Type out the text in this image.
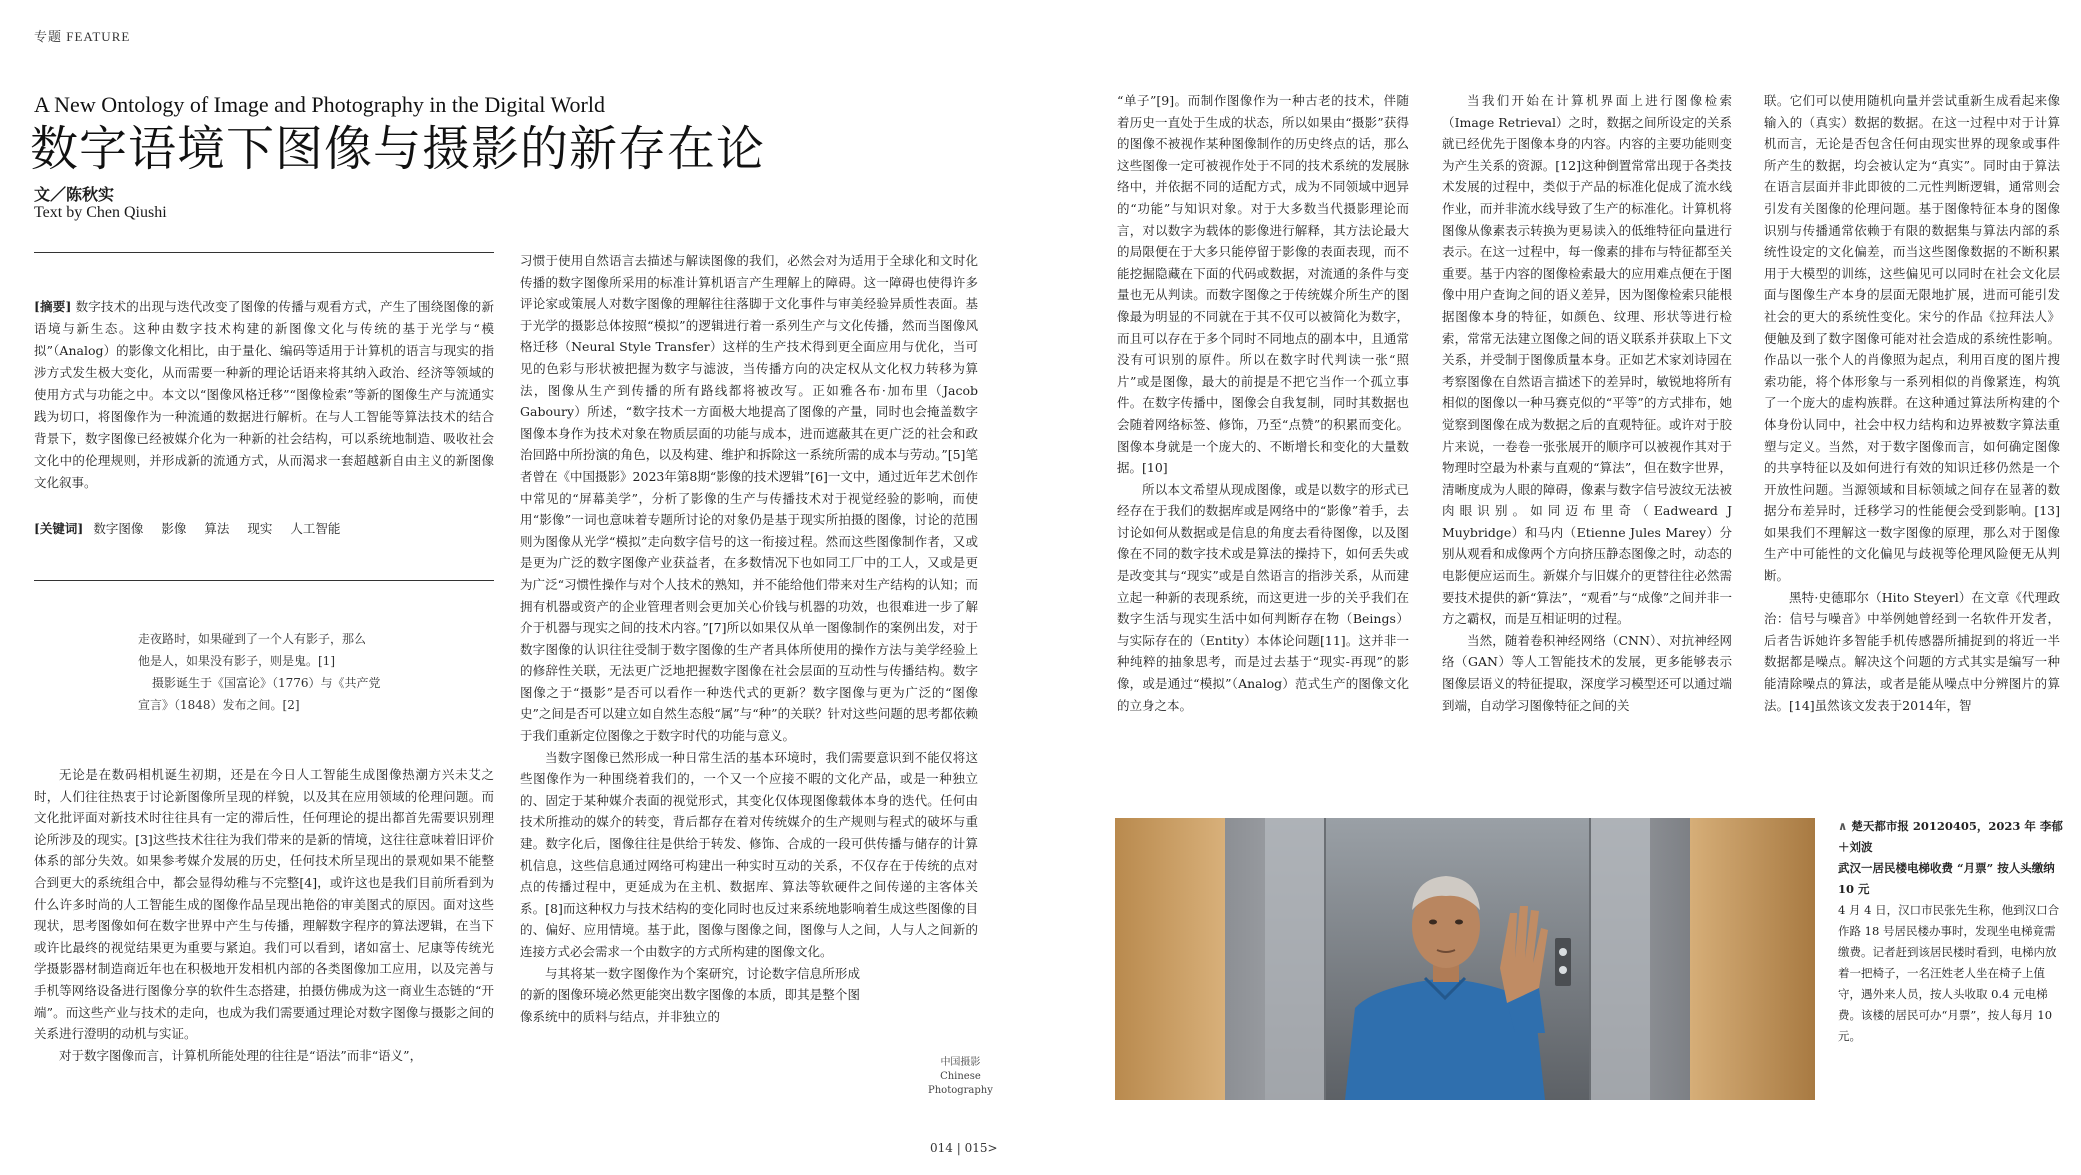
专题 FEATURE
A New Ontology of Image and Photography in the Digital World
数字语境下图像与摄影的新存在论
文／陈秋实
Text by Chen Qiushi
[摘要] 数字技术的出现与迭代改变了图像的传播与观看方式，产生了围绕图像的新语境与新生态。这种由数字技术构建的新图像文化与传统的基于光学与“模拟”（Analog）的影像文化相比，由于量化、编码等适用于计算机的语言与现实的指涉方式发生极大变化，从而需要一种新的理论话语来将其纳入政治、经济等领域的使用方式与功能之中。本文以“图像风格迁移”“图像检索”等新的图像生产与流通实践为切口，将图像作为一种流通的数据进行解析。在与人工智能等算法技术的结合背景下，数字图像已经被媒介化为一种新的社会结构，可以系统地制造、吸收社会文化中的伦理规则，并形成新的流通方式，从而渴求一套超越新自由主义的新图像文化叙事。
[关键词] 数字图像 影像 算法 现实 人工智能
走夜路时，如果碰到了一个人有影子，那么
他是人，如果没有影子，则是鬼。[1]
摄影诞生于《国富论》（1776）与《共产党
宣言》（1848）发布之间。[2]

无论是在数码相机诞生初期，还是在今日人工智能生成图像热潮方兴未艾之时，人们往往热衷于讨论新图像所呈现的样貌，以及其在应用领域的伦理问题。而文化批评面对新技术时往往具有一定的滞后性，任何理论的提出都首先需要识别理论所涉及的现实。[3]这些技术往往为我们带来的是新的情境，这往往意味着旧评价体系的部分失效。如果参考媒介发展的历史，任何技术所呈现出的景观如果不能整合到更大的系统组合中，都会显得幼稚与不完整[4]，或许这也是我们目前所看到为什么许多时尚的人工智能生成的图像作品呈现出艳俗的审美图式的原因。面对这些现状，思考图像如何在数字世界中产生与传播，理解数字程序的算法逻辑，在当下或许比最终的视觉结果更为重要与紧迫。我们可以看到，诸如富士、尼康等传统光学摄影器材制造商近年也在积极地开发相机内部的各类图像加工应用，以及完善与手机等网络设备进行图像分享的软件生态搭建，拍摄仿佛成为这一商业生态链的“开端”。而这些产业与技术的走向，也成为我们需要通过理论对数字图像与摄影之间的关系进行澄明的动机与实证。

对于数字图像而言，计算机所能处理的往往是“语法”而非“语义”，

习惯于使用自然语言去描述与解读图像的我们，必然会对为适用于全球化和文时化传播的数字图像所采用的标准计算机语言产生理解上的障碍。这一障碍也使得许多评论家或策展人对数字图像的理解往往落脚于文化事件与审美经验异质性表面。基于光学的摄影总体按照“模拟”的逻辑进行着一系列生产与文化传播，然而当图像风格迁移（Neural Style Transfer）这样的生产技术得到更全面应用与优化，当可见的色彩与形状被把握为数字与滤波，当传播方向的决定权从文化权力转移为算法，图像从生产到传播的所有路线都将被改写。正如雅各布·加布里（Jacob Gaboury）所述，“数字技术一方面极大地提高了图像的产量，同时也会掩盖数字图像本身作为技术对象在物质层面的功能与成本，进而遮蔽其在更广泛的社会和政治回路中所扮演的角色，以及构建、维护和拆除这一系统所需的成本与劳动。”[5]笔者曾在《中国摄影》2023年第8期“影像的技术逻辑”[6]一文中，通过近年艺术创作中常见的“屏幕美学”，分析了影像的生产与传播技术对于视觉经验的影响，而使用“影像”一词也意味着专题所讨论的对象仍是基于现实所拍摄的图像，讨论的范围则为图像从光学“模拟”走向数字信号的这一衔接过程。然而这些图像制作者，又或是更为广泛的数字图像产业获益者，在多数情况下也如同工厂中的工人，又或是更为广泛“习惯性操作与对个人技术的熟知，并不能给他们带来对生产结构的认知；而拥有机器或资产的企业管理者则会更加关心价钱与机器的功效，也很难进一步了解介于机器与现实之间的技术内容。”[7]所以如果仅从单一图像制作的案例出发，对于数字图像的认识往往受制于数字图像的生产者具体所使用的操作方法与美学经验上的修辞性关联，无法更广泛地把握数字图像在社会层面的互动性与传播结构。数字图像之于“摄影”是否可以看作一种迭代式的更新？数字图像与更为广泛的“图像史”之间是否可以建立如自然生态般“属”与“种”的关联？针对这些问题的思考都依赖于我们重新定位图像之于数字时代的功能与意义。

当数字图像已然形成一种日常生活的基本环境时，我们需要意识到不能仅将这些图像作为一种围绕着我们的，一个又一个应接不暇的文化产品，或是一种独立的、固定于某种媒介表面的视觉形式，其变化仅体现图像载体本身的迭代。任何由技术所推动的媒介的转变，背后都存在着对传统媒介的生产规则与程式的破坏与重建。数字化后，图像往往是供给于转发、修饰、合成的一段可供传播与储存的计算机信息，这些信息通过网络可构建出一种实时互动的关系，不仅存在于传统的点对点的传播过程中，更延成为在主机、数据库、算法等软硬件之间传递的主客体关系。[8]而这种权力与技术结构的变化同时也反过来系统地影响着生成这些图像的目的、偏好、应用情境。基于此，图像与图像之间，图像与人之间，人与人之间新的连接方式必会需求一个由数字的方式所构建的图像文化。

与其将某一数字图像作为个案研究，讨论数字信息所形成的新的图像环境必然更能突出数字图像的本质，即其是整个图像系统中的质料与结点，并非独立的

中国摄影
Chinese
Photography
014 | 015>

“单子”[9]。而制作图像作为一种古老的技术，伴随着历史一直处于生成的状态，所以如果由“摄影”获得的图像不被视作某种图像制作的历史终点的话，那么这些图像一定可被视作处于不同的技术系统的发展脉络中，并依据不同的适配方式，成为不同领域中迥异的“功能”与知识对象。对于大多数当代摄影理论而言，对以数字为载体的影像进行解释，其方法论最大的局限便在于大多只能停留于影像的表面表现，而不能挖掘隐藏在下面的代码或数据，对流通的条件与变量也无从判读。而数字图像之于传统媒介所生产的图像最为明显的不同就在于其不仅可以被简化为数字，而且可以存在于多个同时不同地点的副本中，且通常没有可识别的原件。所以在数字时代判读一张“照片”或是图像，最大的前提是不把它当作一个孤立事件。在数字传播中，图像会自我复制，同时其数据也会随着网络标签、修饰，乃至“点赞”的积累而变化。图像本身就是一个庞大的、不断增长和变化的大量数据。[10]

所以本文希望从现成图像，或是以数字的形式已经存在于我们的数据库或是网络中的“影像”着手，去讨论如何从数据或是信息的角度去看待图像，以及图像在不同的数字技术或是算法的操持下，如何丢失或是改变其与“现实”或是自然语言的指涉关系，从而建立起一种新的表现系统，而这更进一步的关乎我们在数字生活与现实生活中如何判断存在物（Beings）与实际存在的（Entity）本体论问题[11]。这并非一种纯粹的抽象思考，而是过去基于“现实-再现”的影像，或是通过“模拟”（Analog）范式生产的图像文化的立身之本。

当我们开始在计算机界面上进行图像检索（Image Retrieval）之时，数据之间所设定的关系就已经优先于图像本身的内容。内容的主要功能则变为产生关系的资源。[12]这种倒置常常出现于各类技术发展的过程中，类似于产品的标准化促成了流水线作业，而并非流水线导致了生产的标准化。计算机将图像从像素表示转换为更易读入的低维特征向量进行表示。在这一过程中，每一像素的排布与特征都至关重要。基于内容的图像检索最大的应用难点便在于图像中用户查询之间的语义差异，因为图像检索只能根据图像本身的特征，如颜色、纹理、形状等进行检索，常常无法建立图像之间的语义联系并获取上下文关系，并受制于图像质量本身。正如艺术家刘诗园在考察图像在自然语言描述下的差异时，敏锐地将所有相似的图像以一种马赛克似的“平等”的方式排布，她觉察到图像在成为数据之后的直观特征。或许对于胶片来说，一卷卷一张张展开的顺序可以被视作其对于物理时空最为朴素与直观的“算法”，但在数字世界，清晰度成为人眼的障碍，像素与数字信号波纹无法被肉眼识别。如同迈布里奇（Eadweard J Muybridge）和马内（Etienne Jules Marey）分别从观看和成像两个方向挤压静态图像之时，动态的电影便应运而生。新媒介与旧媒介的更替往往必然需要技术提供的新“算法”，“观看”与“成像”之间并非一方之霸权，而是互相证明的过程。

当然，随着卷积神经网络（CNN）、对抗神经网络（GAN）等人工智能技术的发展，更多能够表示图像层语义的特征提取，深度学习模型还可以通过端到端，自动学习图像特征之间的关

联。它们可以使用随机向量并尝试重新生成看起来像输入的（真实）数据的数据。在这一过程中对于计算机而言，无论是否包含任何由现实世界的现象或事件所产生的数据，均会被认定为“真实”。同时由于算法在语言层面并非此即彼的二元性判断逻辑，通常则会引发有关图像的伦理问题。基于图像特征本身的图像识别与传播通常依赖于有限的数据集与算法内部的系统性设定的文化偏差，而当这些图像数据的不断积累用于大模型的训练，这些偏见可以同时在社会文化层面与图像生产本身的层面无限地扩展，进而可能引发社会的更大的系统性变化。宋兮的作品《拉拜法人》便触及到了数字图像可能对社会造成的系统性影响。作品以一张个人的肖像照为起点，利用百度的图片搜索功能，将个体形象与一系列相似的肖像紧连，构筑了一个庞大的虚构族群。在这种通过算法所构建的个体身份认同中，社会中权力结构和边界被数字算法重塑与定义。当然，对于数字图像而言，如何确定图像的共享特征以及如何进行有效的知识迁移仍然是一个开放性问题。当源领域和目标领域之间存在显著的数据分布差异时，迁移学习的性能便会受到影响。[13]如果我们不理解这一数字图像的原理，那么对于图像生产中可能性的文化偏见与歧视等伦理风险便无从判断。

黑特·史德耶尔（Hito Steyerl）在文章《代理政治：信号与噪音》中举例她曾经到一名软件开发者，后者告诉她许多智能手机传感器所捕捉到的将近一半数据都是噪点。解决这个问题的方式其实是编写一种能清除噪点的算法，或者是能从噪点中分辨图片的算法。[14]虽然该文发表于2014年，智

∧ 楚天都市报 20120405，2023 年 李郁＋刘波
武汉一居民楼电梯收费 “月票” 按人头缴纳 10 元
4 月 4 日，汉口市民张先生称，他到汉口合作路 18 号居民楼办事时，发现坐电梯竟需缴费。记者赶到该居民楼时看到，电梯内放着一把椅子，一名汪姓老人坐在椅子上值守，遇外来人员，按人头收取 0.4 元电梯费。该楼的居民可办“月票”，按人每月 10 元。
